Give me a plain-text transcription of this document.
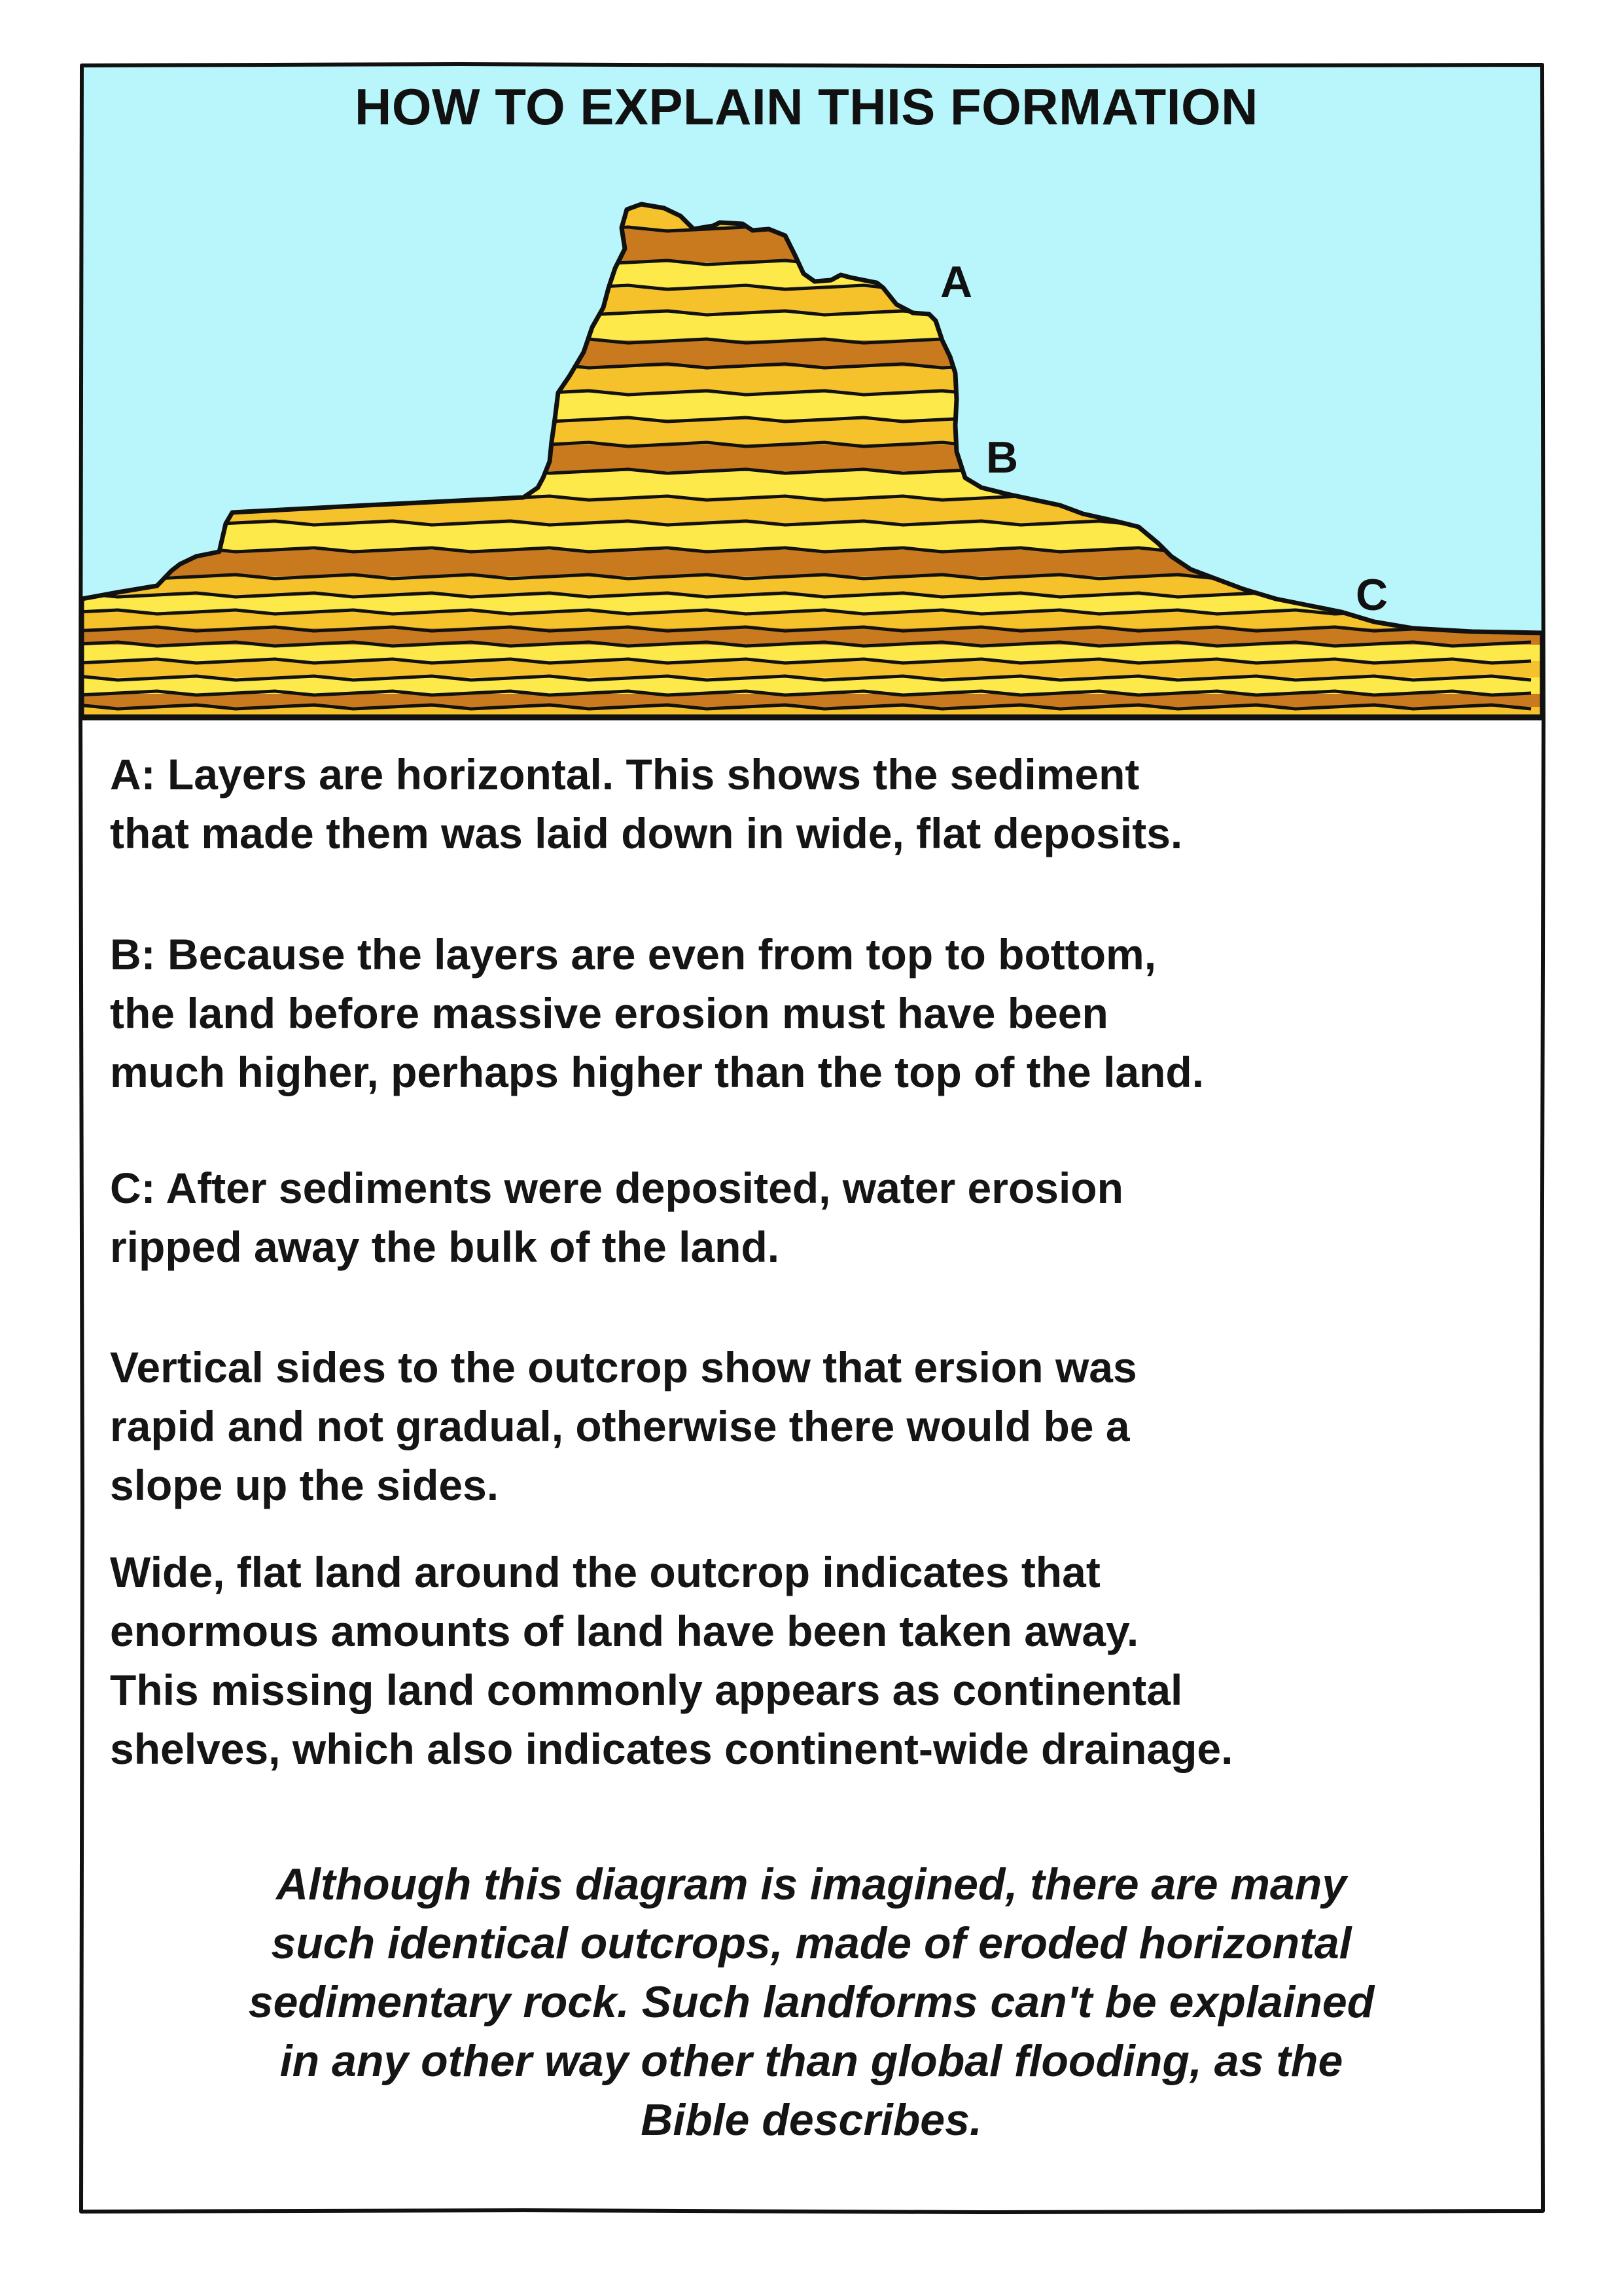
HOW TO EXPLAIN THIS FORMATION
A
B
C
A: Layers are horizontal. This shows the sediment
that made them was laid down in wide, flat deposits.
B: Because the layers are even from top to bottom,
the land before massive erosion must have been
much higher, perhaps higher than the top of the land.
C: After sediments were deposited, water erosion
ripped away the bulk of the land.
Vertical sides to the outcrop show that ersion was
rapid and not gradual, otherwise there would be a
slope up the sides.
Wide, flat land around the outcrop indicates that
enormous amounts of land have been taken away.
This missing land commonly appears as continental
shelves, which also indicates continent-wide drainage.
Although this diagram is imagined, there are many
such identical outcrops, made of eroded horizontal
sedimentary rock. Such landforms can't be explained
in any other way other than global flooding, as the
Bible describes.
